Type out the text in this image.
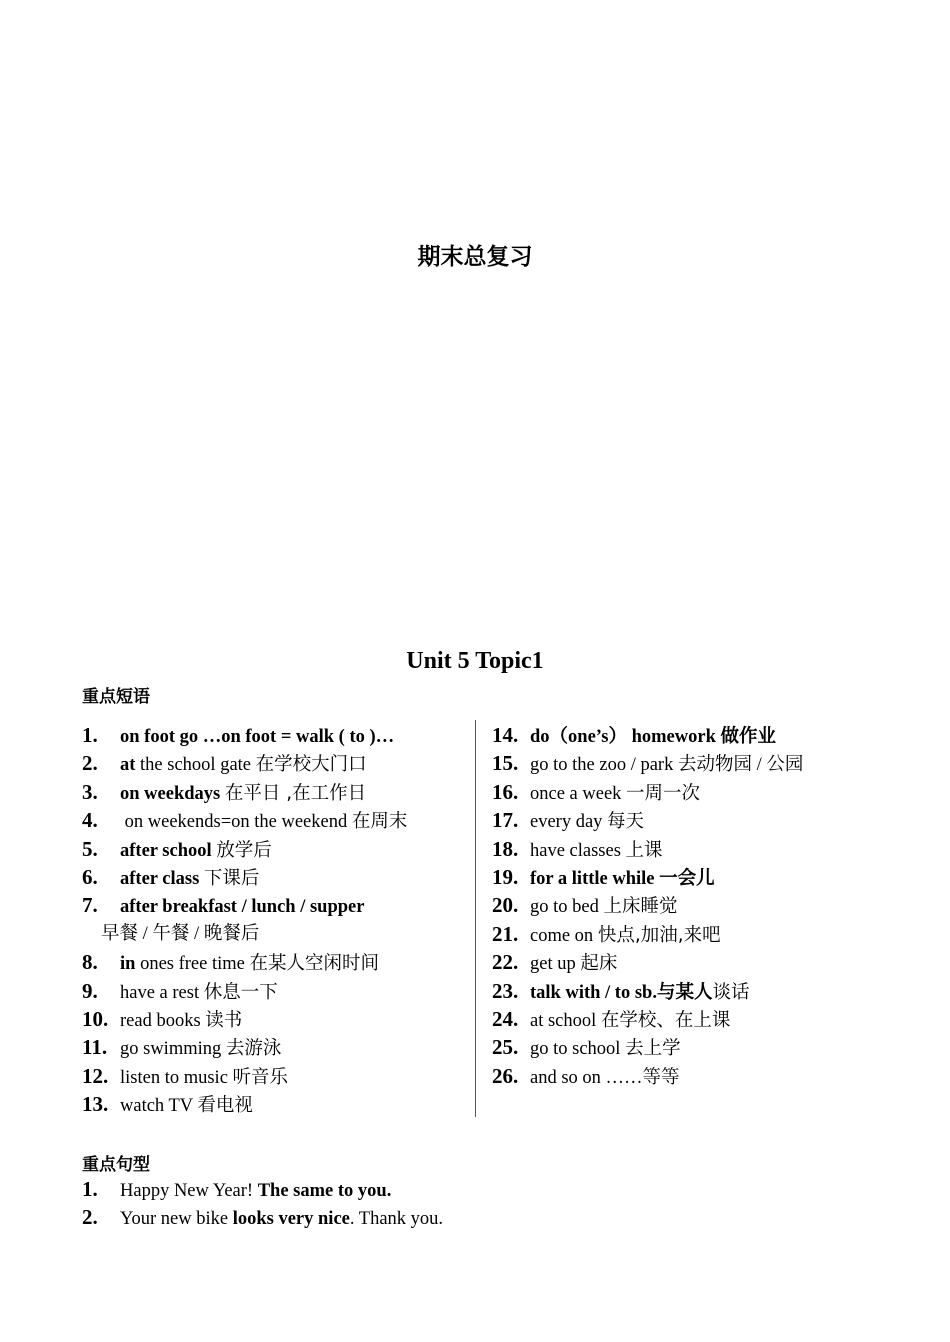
期末总复习
Unit 5 Topic1
重点短语
1. on foot go …on foot = walk ( to )…
2. at the school gate 在学校大门口
3. on weekdays 在平日 ,在工作日
4. on weekends=on the weekend 在周末
5. after school 放学后
6. after class 下课后
7. after breakfast / lunch / supper
早餐 / 午餐 / 晚餐后
8. in ones free time 在某人空闲时间
9. have a rest 休息一下
10. read books 读书
11. go swimming 去游泳
12. listen to music 听音乐
13. watch TV 看电视
14. do（one’s） homework 做作业
15. go to the zoo / park 去动物园 / 公园
16. once a week 一周一次
17. every day 每天
18. have classes 上课
19. for a little while 一会儿
20. go to bed 上床睡觉
21. come on 快点,加油,来吧
22. get up 起床
23. talk with / to sb.与某人谈话
24. at school 在学校、在上课
25. go to school 去上学
26. and so on ……等等
重点句型
1. Happy New Year! The same to you.
2. Your new bike looks very nice. Thank you.
